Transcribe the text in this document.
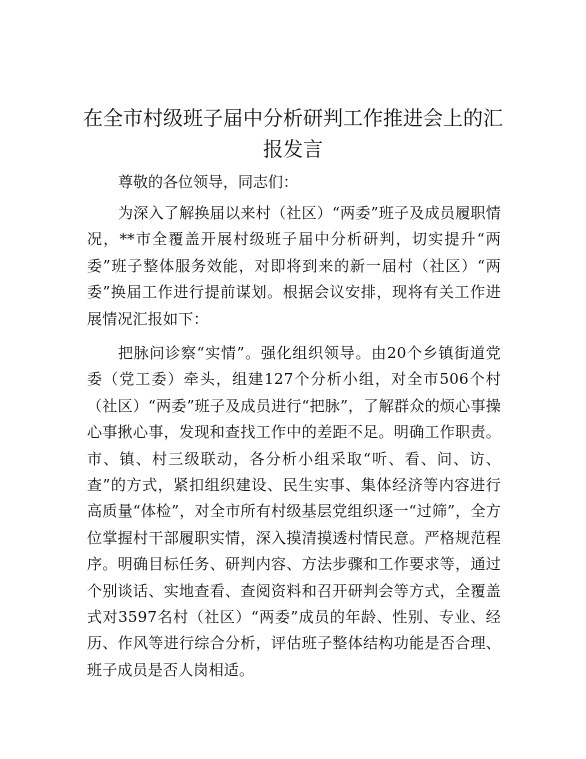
在全市村级班子届中分析研判工作推进会上的汇报发言

尊敬的各位领导，同志们：

为深入了解换届以来村（社区）“两委”班子及成员履职情况，**市全覆盖开展村级班子届中分析研判，切实提升“两委”班子整体服务效能，对即将到来的新一届村（社区）“两委”换届工作进行提前谋划。根据会议安排，现将有关工作进展情况汇报如下：

把脉问诊察“实情”。强化组织领导。由20个乡镇街道党委（党工委）牵头，组建127个分析小组，对全市506个村（社区）“两委”班子及成员进行“把脉”，了解群众的烦心事操心事揪心事，发现和查找工作中的差距不足。明确工作职责。市、镇、村三级联动，各分析小组采取“听、看、问、访、查”的方式，紧扣组织建设、民生实事、集体经济等内容进行高质量“体检”，对全市所有村级基层党组织逐一“过筛”，全方位掌握村干部履职实情，深入摸清摸透村情民意。严格规范程序。明确目标任务、研判内容、方法步骤和工作要求等，通过个别谈话、实地查看、查阅资料和召开研判会等方式，全覆盖式对3597名村（社区）“两委”成员的年龄、性别、专业、经历、作风等进行综合分析，评估班子整体结构功能是否合理、班子成员是否人岗相适。
